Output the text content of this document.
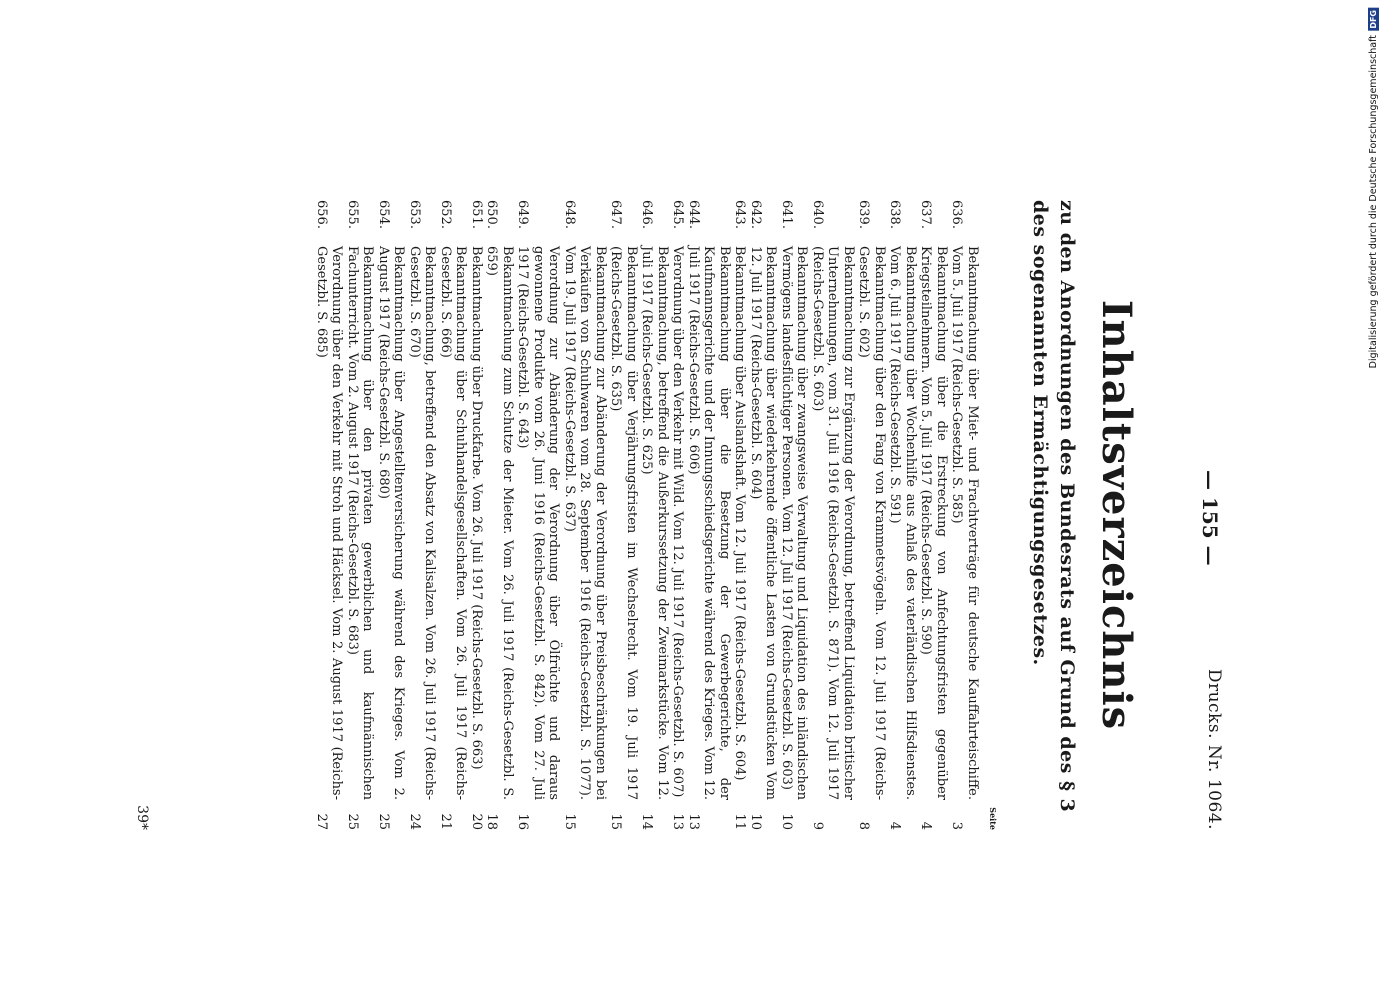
— 155 —
Drucks. Nr. 1064.
Inhaltsverzeichnis
zu den Anordnungen des Bundesrats auf Grund des § 3 des sogenannten Ermächtigungsgesetzes.
Seite
636.
Bekanntmachung über Miet- und Frachtverträge für deutsche Kauffahrteischiffe. Vom 5. Juli 1917 (Reichs-Gesetzbl. S. 585)
3
637.
Bekanntmachung über die Erstreckung von Anfechtungsfristen gegenüber Kriegsteilnehmern. Vom 5. Juli 1917 (Reichs-Gesetzbl. S. 590)
4
638.
Bekanntmachung über Wochenhilfe aus Anlaß des vaterländischen Hilfsdienstes. Vom 6. Juli 1917 (Reichs-Gesetzbl. S. 591)
4
639.
Bekanntmachung über den Fang von Krammetsvögeln. Vom 12. Juli 1917 (Reichs-Gesetzbl. S. 602)
8
640.
Bekanntmachung zur Ergänzung der Verordnung, betreffend Liquidation britischer Unternehmungen, vom 31. Juli 1916 (Reichs-Gesetzbl. S. 871). Vom 12. Juli 1917 (Reichs-Gesetzbl. S. 603)
9
641.
Bekanntmachung über zwangsweise Verwaltung und Liquidation des inländischen Vermögens landesflüchtiger Personen. Vom 12. Juli 1917 (Reichs-Gesetzbl. S. 603)
10
642.
Bekanntmachung über wiederkehrende öffentliche Lasten von Grundstücken Vom 12. Juli 1917 (Reichs-Gesetzbl. S. 604)
10
643.
Bekanntmachung über Auslandshaft. Vom 12. Juli 1917 (Reichs-Gesetzbl. S. 604)
11
644.
Bekanntmachung über die Besetzung der Gewerbegerichte, der Kaufmannsgerichte und der Innungsschiedsgerichte während des Krieges. Vom 12. Juli 1917 (Reichs-Gesetzbl. S. 606)
13
645.
Verordnung über den Verkehr mit Wild. Vom 12. Juli 1917 (Reichs-Gesetzbl. S. 607)
13
646.
Bekanntmachung, betreffend die Außerkurssetzung der Zweimarkstücke. Vom 12. Juli 1917 (Reichs-Gesetzbl. S. 625)
14
647.
Bekanntmachung über Verjährungsfristen im Wechselrecht. Vom 19. Juli 1917 (Reichs-Gesetzbl. S. 635)
15
648.
Bekanntmachung zur Abänderung der Verordnung über Preisbeschränkungen bei Verkäufen von Schuhwaren vom 28. September 1916 (Reichs-Gesetzbl. S. 1077). Vom 19. Juli 1917 (Reichs-Gesetzbl. S. 637)
15
649.
Verordnung zur Abänderung der Verordnung über Ölfrüchte und daraus gewonnene Produkte vom 26. Juni 1916 (Reichs-Gesetzbl. S. 842). Vom 27. Juli 1917 (Reichs-Gesetzbl. S. 643)
16
650.
Bekanntmachung zum Schutze der Mieter. Vom 26. Juli 1917 (Reichs-Gesetzbl. S. 659)
18
651.
Bekanntmachung über Druckfarbe. Vom 26. Juli 1917 (Reichs-Gesetzbl. S. 663)
20
652.
Bekanntmachung über Schuhhandelsgesellschaften. Vom 26. Juli 1917 (Reichs-Gesetzbl. S. 666)
21
653.
Bekanntmachung, betreffend den Absatz von Kalisalzen. Vom 26. Juli 1917 (Reichs-Gesetzbl. S. 670)
24
654.
Bekanntmachung über Angestelltenversicherung während des Krieges. Vom 2. August 1917 (Reichs-Gesetzbl. S. 680)
25
655.
Bekanntmachung über den privaten gewerblichen und kaufmännischen Fachunterricht. Vom 2. August 1917 (Reichs-Gesetzbl. S. 683)
25
656.
Verordnung über den Verkehr mit Stroh und Häcksel. Vom 2. August 1917 (Reichs-Gesetzbl. S. 685)
27
39*
DFG
Digitalisierung gefördert durch die Deutsche Forschungsgemeinschaft
